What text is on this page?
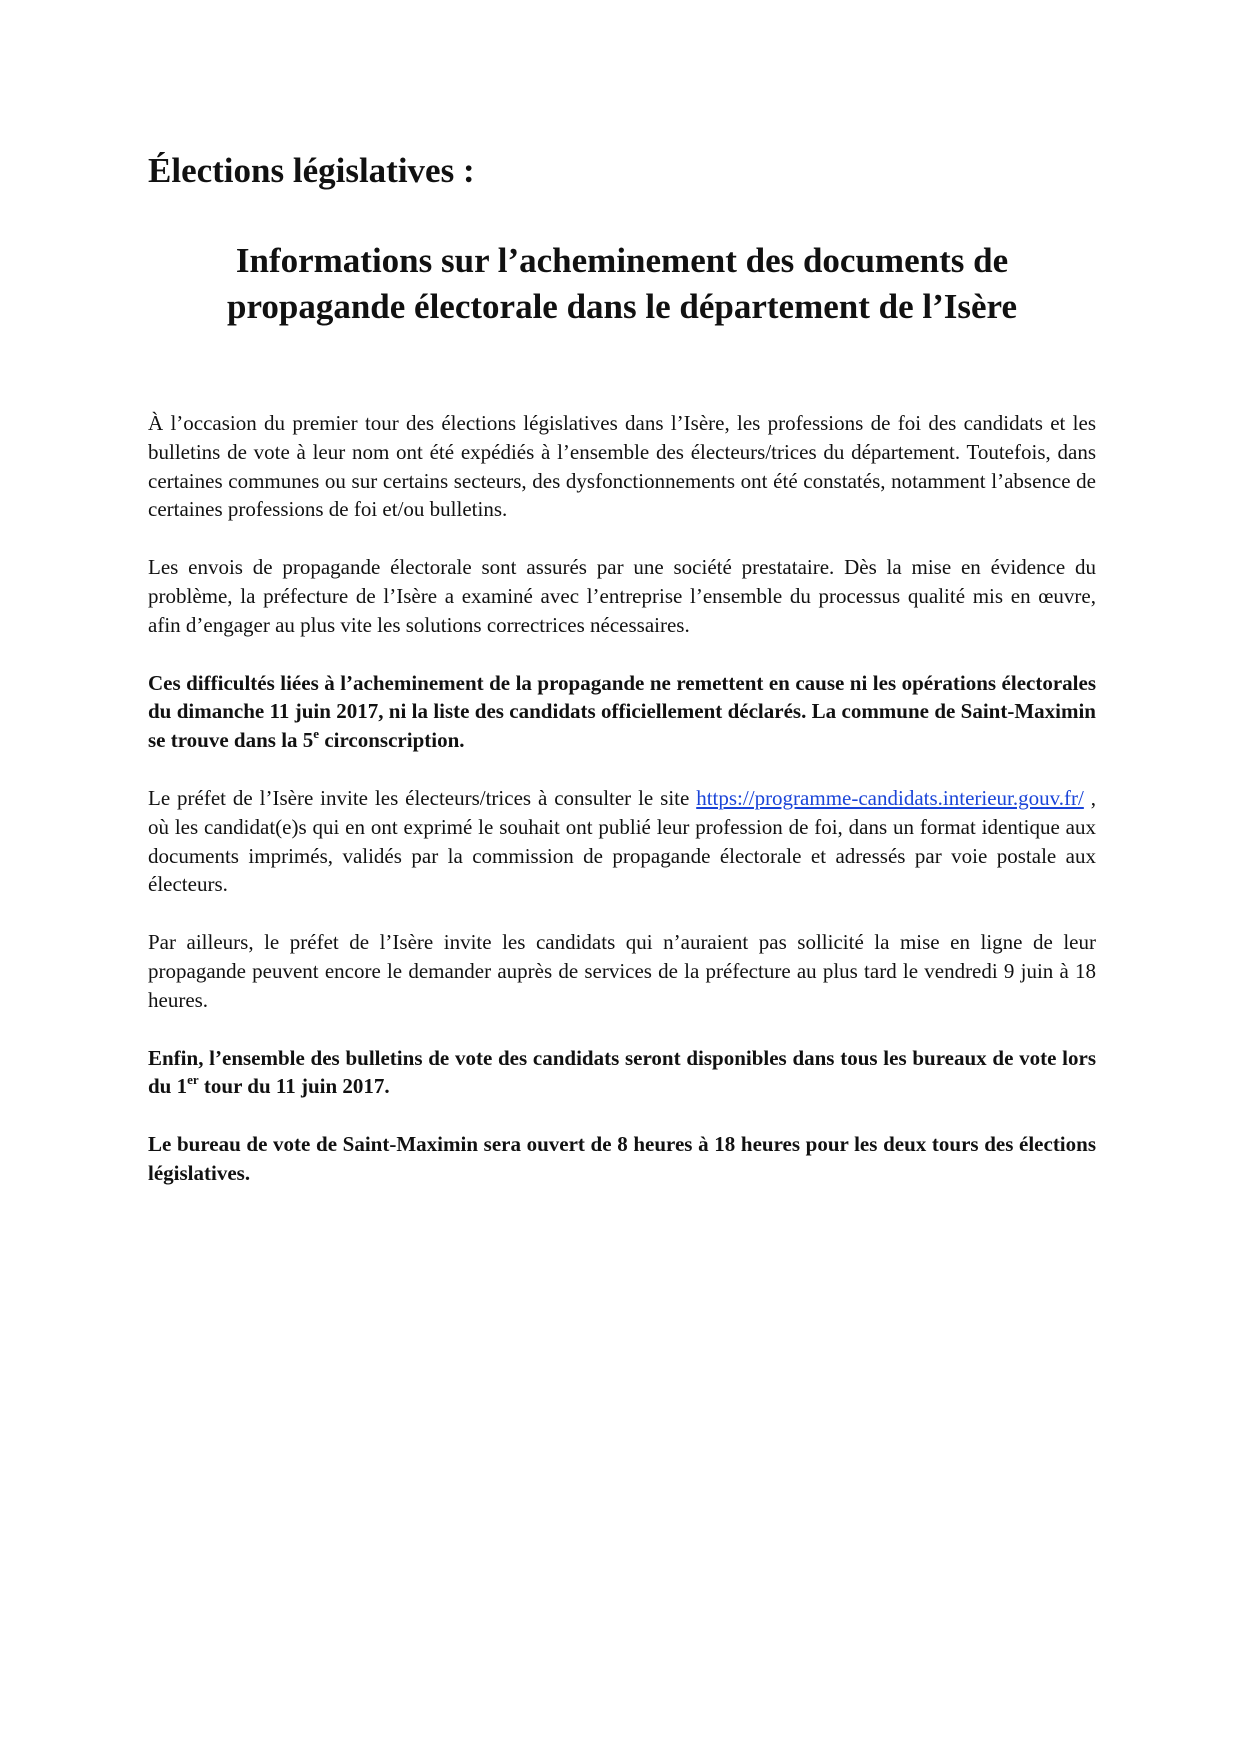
Élections législatives :
Informations sur l’acheminement des documents de
propagande électorale dans le département de l’Isère

À l’occasion du premier tour des élections législatives dans l’Isère, les professions de foi des candidats et les bulletins de vote à leur nom ont été expédiés à l’ensemble des électeurs/trices du département. Toutefois, dans certaines communes ou sur certains secteurs, des dysfonctionnements ont été constatés, notamment l’absence de certaines professions de foi et/ou bulletins.

Les envois de propagande électorale sont assurés par une société prestataire. Dès la mise en évidence du problème, la préfecture de l’Isère a examiné avec l’entreprise l’ensemble du processus qualité mis en œuvre, afin d’engager au plus vite les solutions correctrices nécessaires.

Ces difficultés liées à l’acheminement de la propagande ne remettent en cause ni les opérations électorales du dimanche 11 juin 2017, ni la liste des candidats officiellement déclarés. La commune de Saint-Maximin se trouve dans la 5e circonscription.

Le préfet de l’Isère invite les électeurs/trices à consulter le site https://programme-candidats.interieur.gouv.fr/ , où les candidat(e)s qui en ont exprimé le souhait ont publié leur profession de foi, dans un format identique aux documents imprimés, validés par la commission de propagande électorale et adressés par voie postale aux électeurs.

Par ailleurs, le préfet de l’Isère invite les candidats qui n’auraient pas sollicité la mise en ligne de leur propagande peuvent encore le demander auprès de services de la préfecture au plus tard le vendredi 9 juin à 18 heures.

Enfin, l’ensemble des bulletins de vote des candidats seront disponibles dans tous les bureaux de vote lors du 1er tour du 11 juin 2017.

Le bureau de vote de Saint-Maximin sera ouvert de 8 heures à 18 heures pour les deux tours des élections législatives.
